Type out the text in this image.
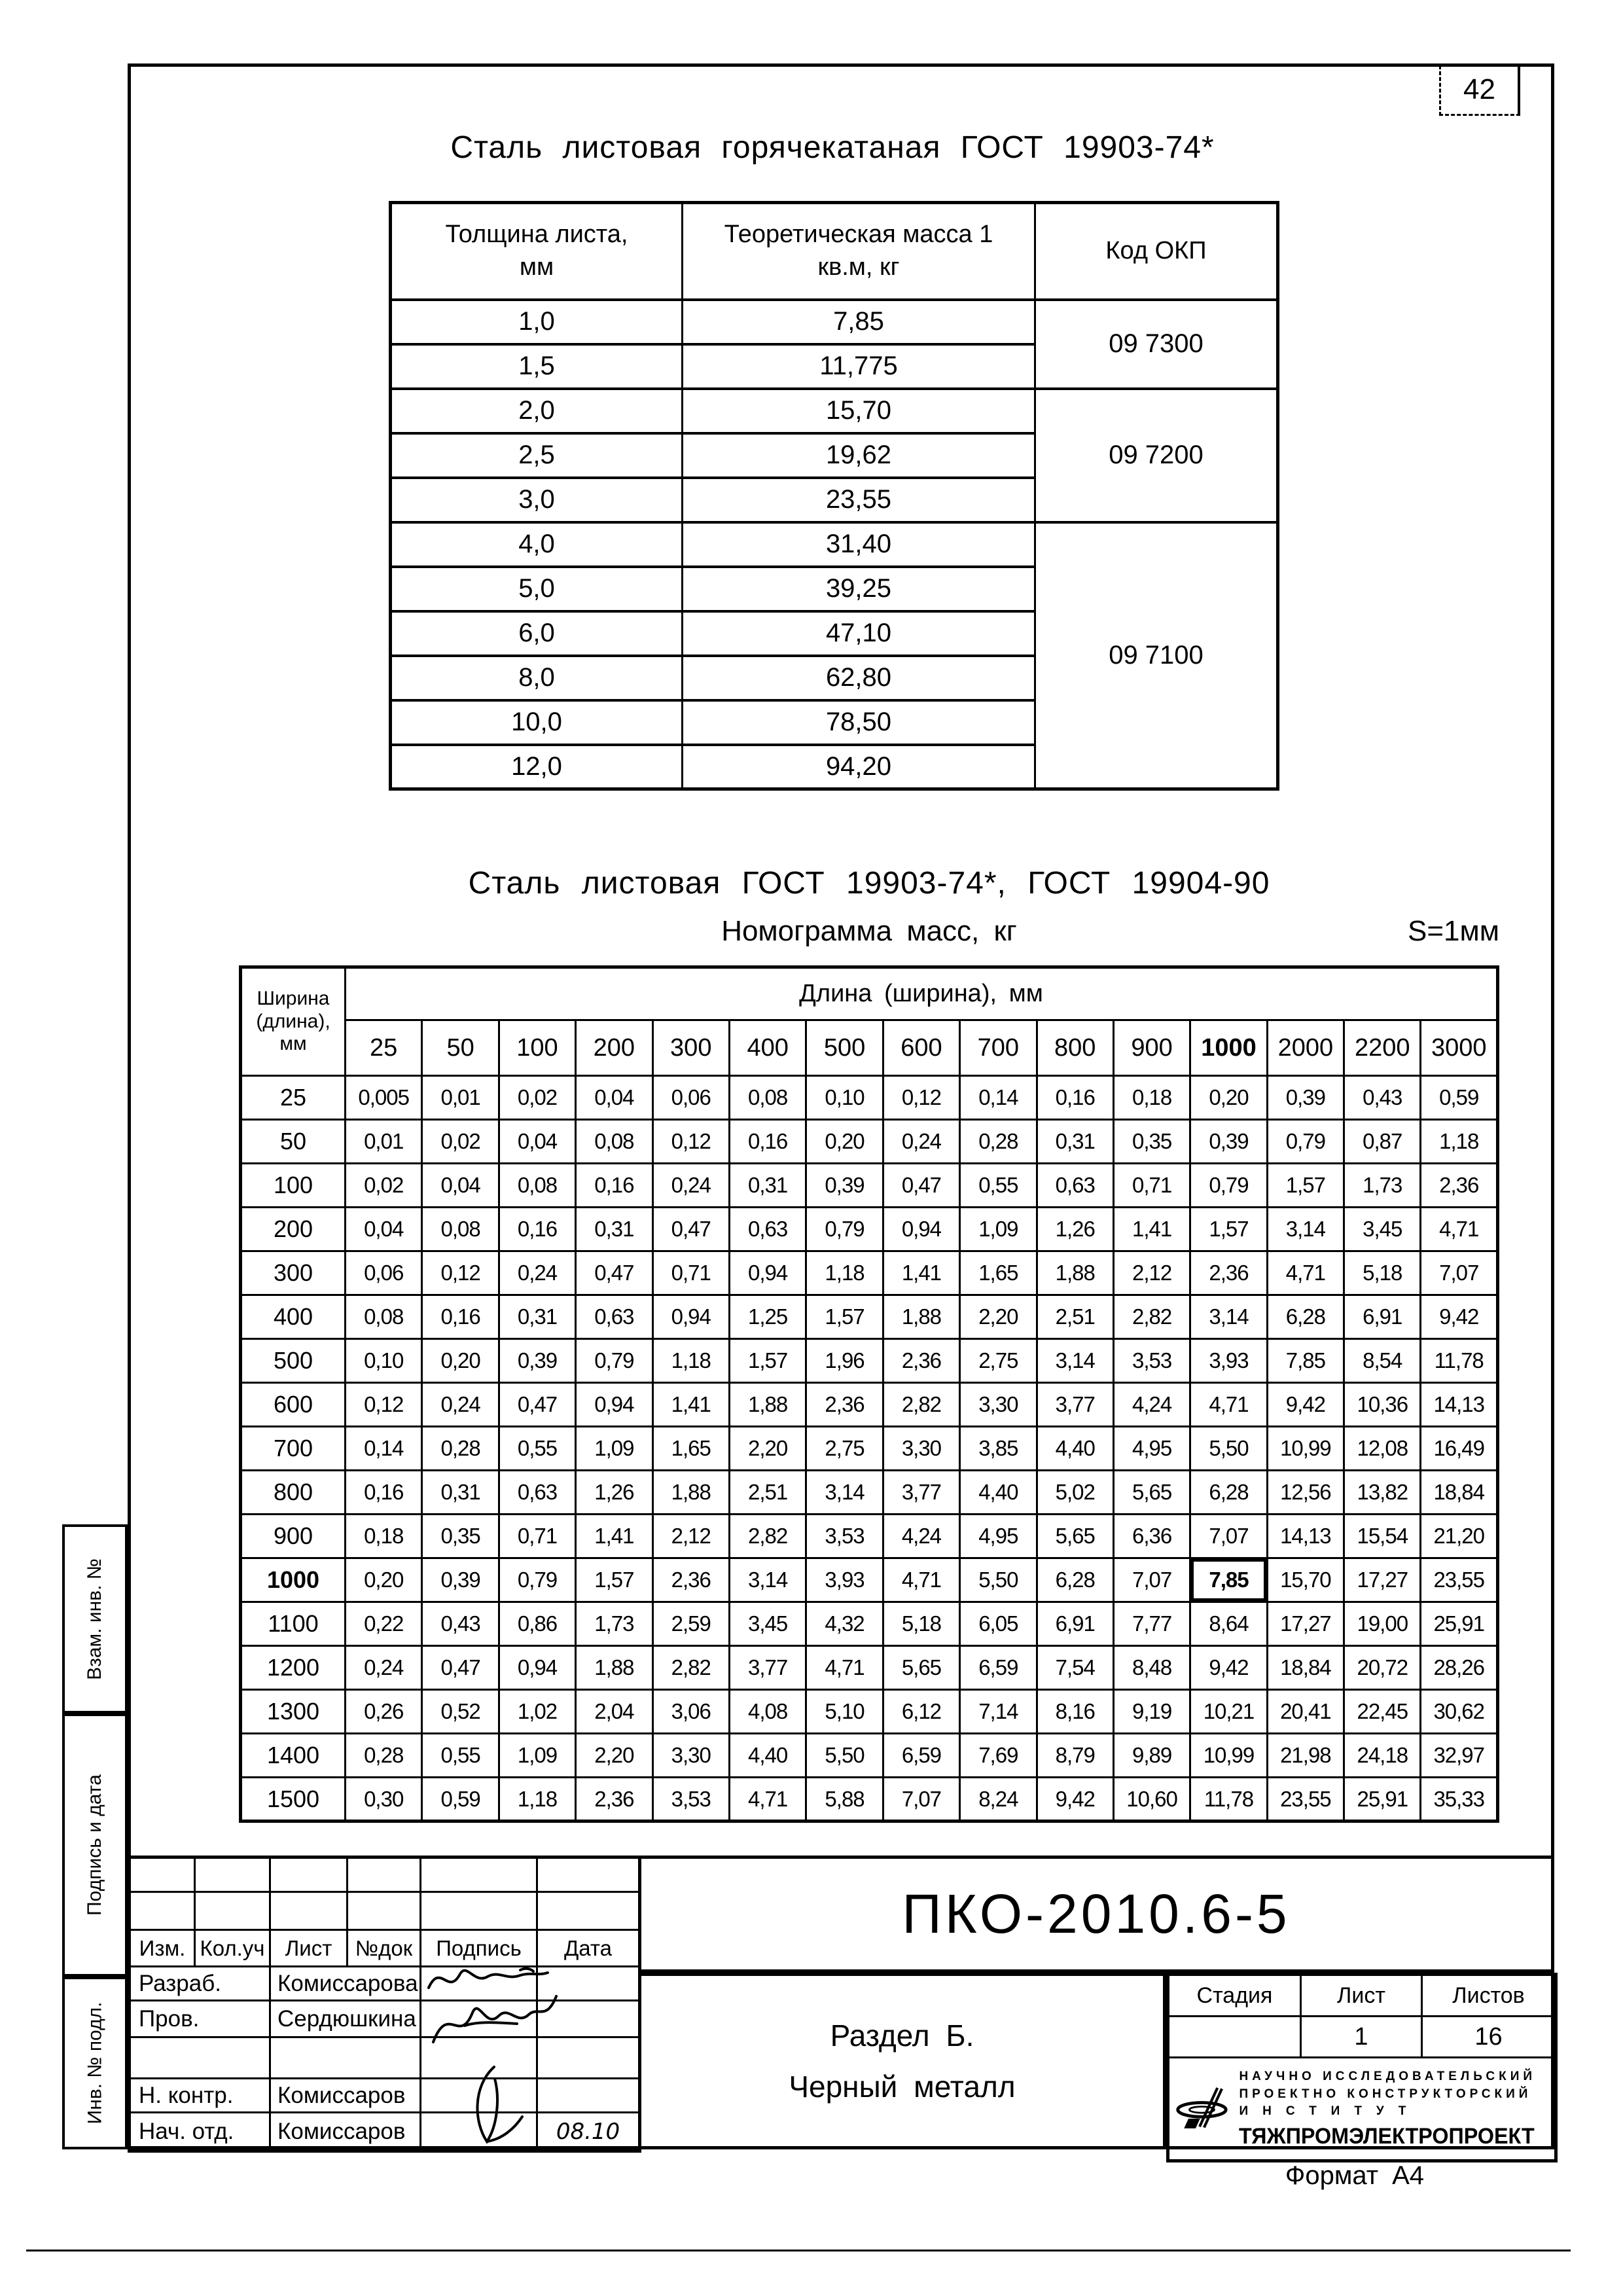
42
Сталь листовая горячекатаная ГОСТ 19903-74*
Толщина листа, мм	Теоретическая масса 1 кв.м, кг	Код ОКП
1,0	7,85	09 7300
1,5	11,775	
2,0	15,70	09 7200
2,5	19,62	
3,0	23,55	
4,0	31,40	09 7100
5,0	39,25	
6,0	47,10	
8,0	62,80	
10,0	78,50	
12,0	94,20	
Сталь листовая ГОСТ 19903-74*, ГОСТ 19904-90
Номограмма масс, кг	S=1мм
Ширина (длина), мм	Длина (ширина), мм														
	25	50	100	200	300	400	500	600	700	800	900	1000	2000	2200	3000
25	0,005	0,01	0,02	0,04	0,06	0,08	0,10	0,12	0,14	0,16	0,18	0,20	0,39	0,43	0,59
50	0,01	0,02	0,04	0,08	0,12	0,16	0,20	0,24	0,28	0,31	0,35	0,39	0,79	0,87	1,18
100	0,02	0,04	0,08	0,16	0,24	0,31	0,39	0,47	0,55	0,63	0,71	0,79	1,57	1,73	2,36
200	0,04	0,08	0,16	0,31	0,47	0,63	0,79	0,94	1,09	1,26	1,41	1,57	3,14	3,45	4,71
300	0,06	0,12	0,24	0,47	0,71	0,94	1,18	1,41	1,65	1,88	2,12	2,36	4,71	5,18	7,07
400	0,08	0,16	0,31	0,63	0,94	1,25	1,57	1,88	2,20	2,51	2,82	3,14	6,28	6,91	9,42
500	0,10	0,20	0,39	0,79	1,18	1,57	1,96	2,36	2,75	3,14	3,53	3,93	7,85	8,54	11,78
600	0,12	0,24	0,47	0,94	1,41	1,88	2,36	2,82	3,30	3,77	4,24	4,71	9,42	10,36	14,13
700	0,14	0,28	0,55	1,09	1,65	2,20	2,75	3,30	3,85	4,40	4,95	5,50	10,99	12,08	16,49
800	0,16	0,31	0,63	1,26	1,88	2,51	3,14	3,77	4,40	5,02	5,65	6,28	12,56	13,82	18,84
900	0,18	0,35	0,71	1,41	2,12	2,82	3,53	4,24	4,95	5,65	6,36	7,07	14,13	15,54	21,20
1000	0,20	0,39	0,79	1,57	2,36	3,14	3,93	4,71	5,50	6,28	7,07	7,85	15,70	17,27	23,55
1100	0,22	0,43	0,86	1,73	2,59	3,45	4,32	5,18	6,05	6,91	7,77	8,64	17,27	19,00	25,91
1200	0,24	0,47	0,94	1,88	2,82	3,77	4,71	5,65	6,59	7,54	8,48	9,42	18,84	20,72	28,26
1300	0,26	0,52	1,02	2,04	3,06	4,08	5,10	6,12	7,14	8,16	9,19	10,21	20,41	22,45	30,62
1400	0,28	0,55	1,09	2,20	3,30	4,40	5,50	6,59	7,69	8,79	9,89	10,99	21,98	24,18	32,97
1500	0,30	0,59	1,18	2,36	3,53	4,71	5,88	7,07	8,24	9,42	10,60	11,78	23,55	25,91	35,33

Изм.	Кол.уч	Лист	№док	Подпись	Дата
Разраб.		Комиссарова			
Пров.		Сердюшкина			

Н. контр.		Комиссаров			
Нач. отд.		Комиссаров			08.10
ПКО-2010.6-5
Раздел Б.
Черный металл
Стадия	Лист	Листов
	1	16

НАУЧНО ИССЛЕДОВАТЕЛЬСКИЙ
ПРОЕКТНО КОНСТРУКТОРСКИЙ
ИНСТИТУТ
ТЯЖПРОМЭЛЕКТРОПРОЕКТ		
Взам. инв. №
Подпись и дата
Инв. № подл.
Формат А4
